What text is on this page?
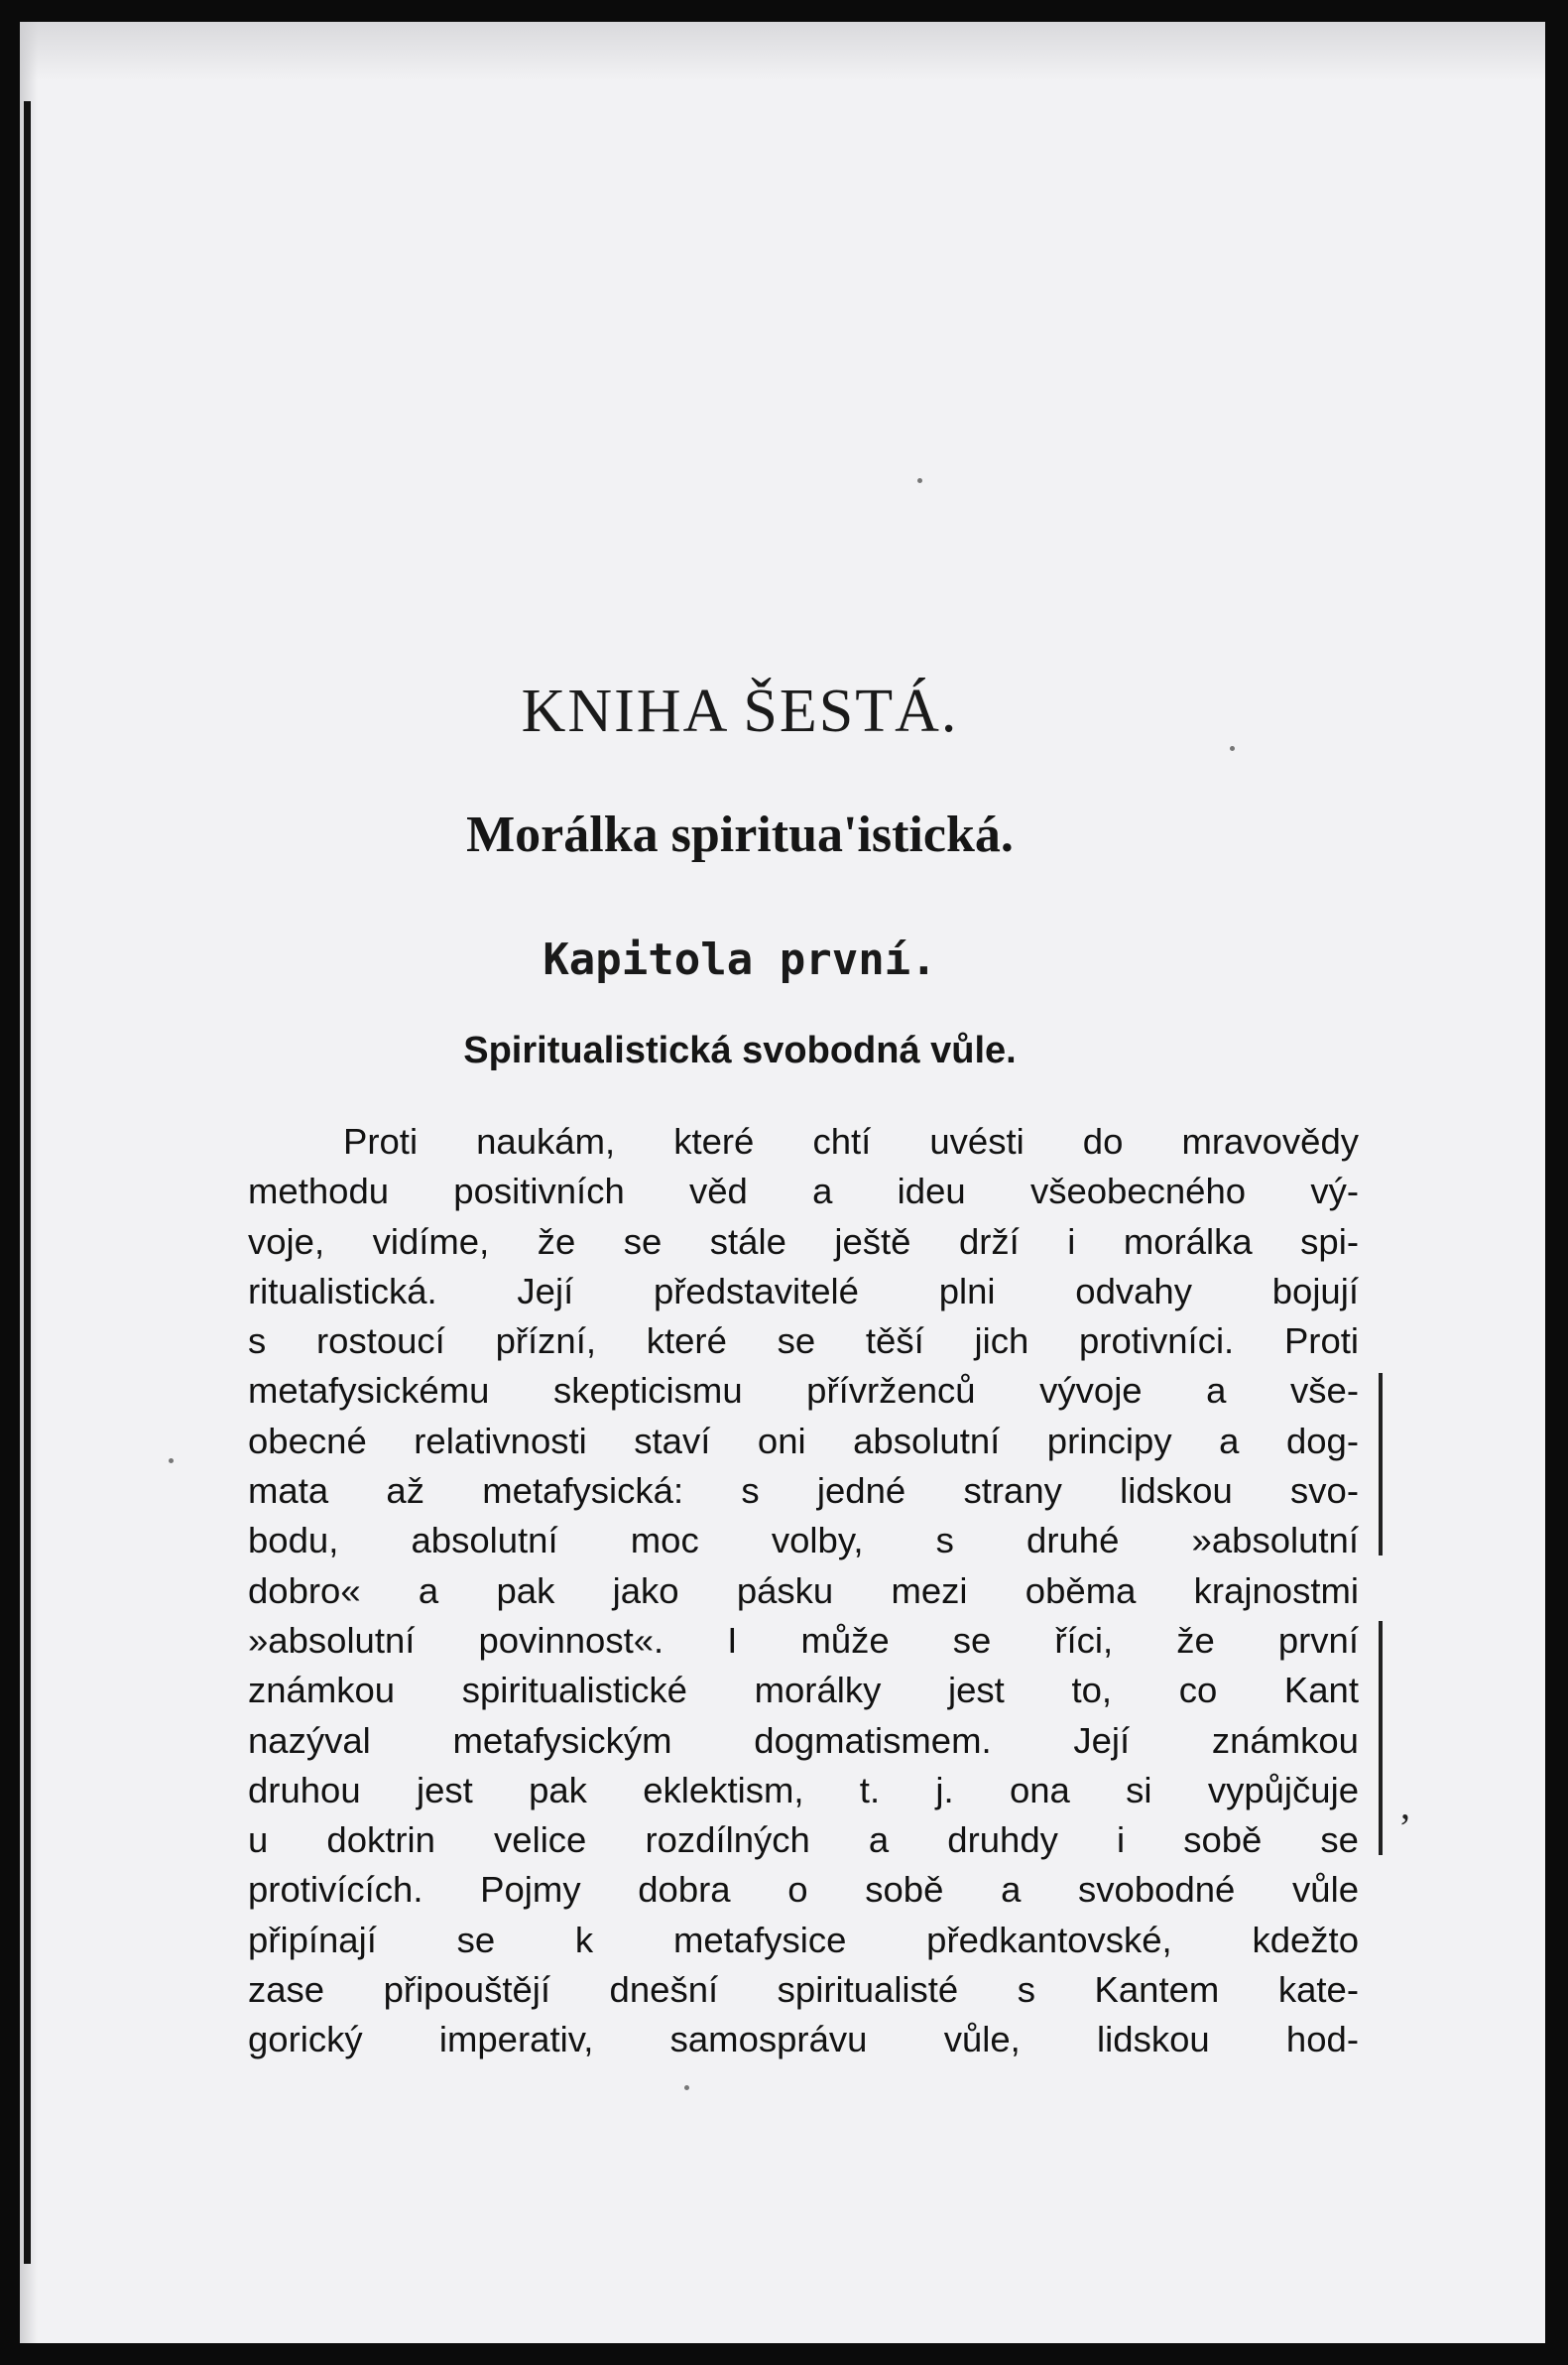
KNIHA ŠESTÁ.
Morálka spiritua'istická.
Kapitola první.
Spiritualistická svobodná vůle.
Proti naukám, které chtí uvésti do mravovědy
methodu positivních věd a ideu všeobecného vý-
voje, vidíme, že se stále ještě drží i morálka spi-
ritualistická. Její představitelé plni odvahy bojují
s rostoucí přízní, které se těší jich protivníci. Proti
metafysickému skepticismu přívrženců vývoje a vše-
obecné relativnosti staví oni absolutní principy a dog-
mata až metafysická: s jedné strany lidskou svo-
bodu, absolutní moc volby, s druhé »absolutní
dobro« a pak jako pásku mezi oběma krajnostmi
»absolutní povinnost«. I může se říci, že první
známkou spiritualistické morálky jest to, co Kant
nazýval metafysickým dogmatismem. Její známkou
druhou jest pak eklektism, t. j. ona si vypůjčuje
u doktrin velice rozdílných a druhdy i sobě se
protivících. Pojmy dobra o sobě a svobodné vůle
připínají se k metafysice předkantovské, kdežto
zase připouštějí dnešní spiritualisté s Kantem kate-
gorický imperativ, samosprávu vůle, lidskou hod-
,
